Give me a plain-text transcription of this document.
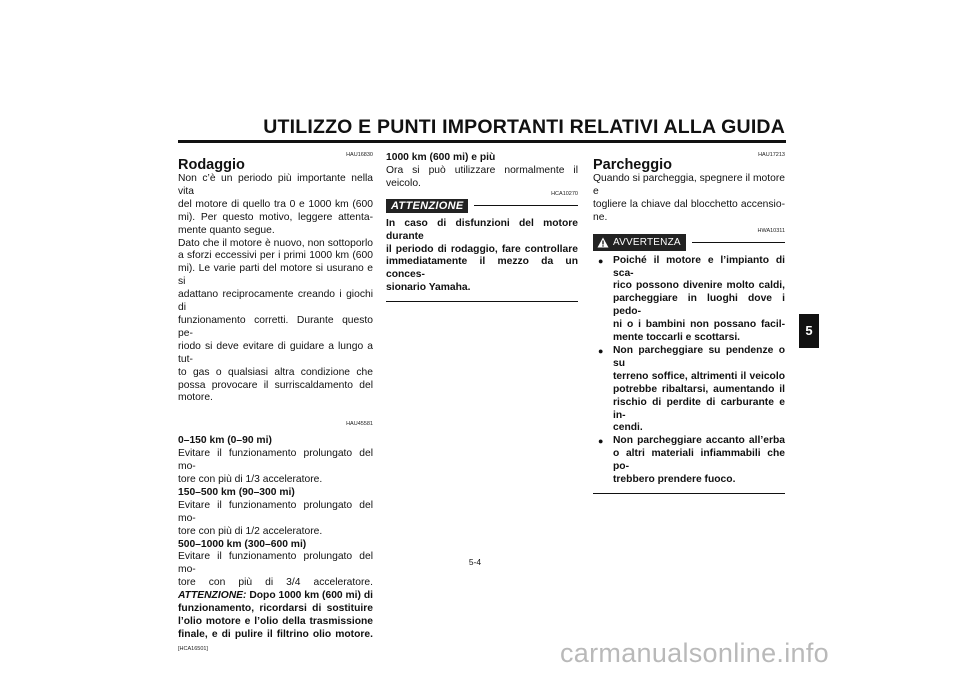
UTILIZZO E PUNTI IMPORTANTI RELATIVI ALLA GUIDA
5
HAU16830
Rodaggio
Non c’è un periodo più importante nella vita
del motore di quello tra 0 e 1000 km (600
mi). Per questo motivo, leggere attenta-
mente quanto segue.
Dato che il motore è nuovo, non sottoporlo
a sforzi eccessivi per i primi 1000 km (600
mi). Le varie parti del motore si usurano e si
adattano reciprocamente creando i giochi di
funzionamento corretti. Durante questo pe-
riodo si deve evitare di guidare a lungo a tut-
to gas o qualsiasi altra condizione che
possa provocare il surriscaldamento del
motore.
HAU45581
0–150 km (0–90 mi)
Evitare il funzionamento prolungato del mo-
tore con più di 1/3 acceleratore.
150–500 km (90–300 mi)
Evitare il funzionamento prolungato del mo-
tore con più di 1/2 acceleratore.
500–1000 km (300–600 mi)
Evitare il funzionamento prolungato del mo-
tore con più di 3/4 acceleratore.
ATTENZIONE: Dopo 1000 km (600 mi) di
funzionamento, ricordarsi di sostituire
l’olio motore e l’olio della trasmissione
finale, e di pulire il filtrino olio motore.
[HCA16501]
1000 km (600 mi) e più
Ora si può utilizzare normalmente il veicolo.
HCA10270
ATTENZIONE
In caso di disfunzioni del motore durante
il periodo di rodaggio, fare controllare
immediatamente il mezzo da un conces-
sionario Yamaha.
HAU17213
Parcheggio
Quando si parcheggia, spegnere il motore e
togliere la chiave dal blocchetto accensio-
ne.
HWA10311
AVVERTENZA
● Poiché il motore e l’impianto di sca-
rico possono divenire molto caldi,
parcheggiare in luoghi dove i pedo-
ni o i bambini non possano facil-
mente toccarli e scottarsi.
● Non parcheggiare su pendenze o su
terreno soffice, altrimenti il veicolo
potrebbe ribaltarsi, aumentando il
rischio di perdite di carburante e in-
cendi.
● Non parcheggiare accanto all’erba
o altri materiali infiammabili che po-
trebbero prendere fuoco.
5-4
carmanualsonline.info
